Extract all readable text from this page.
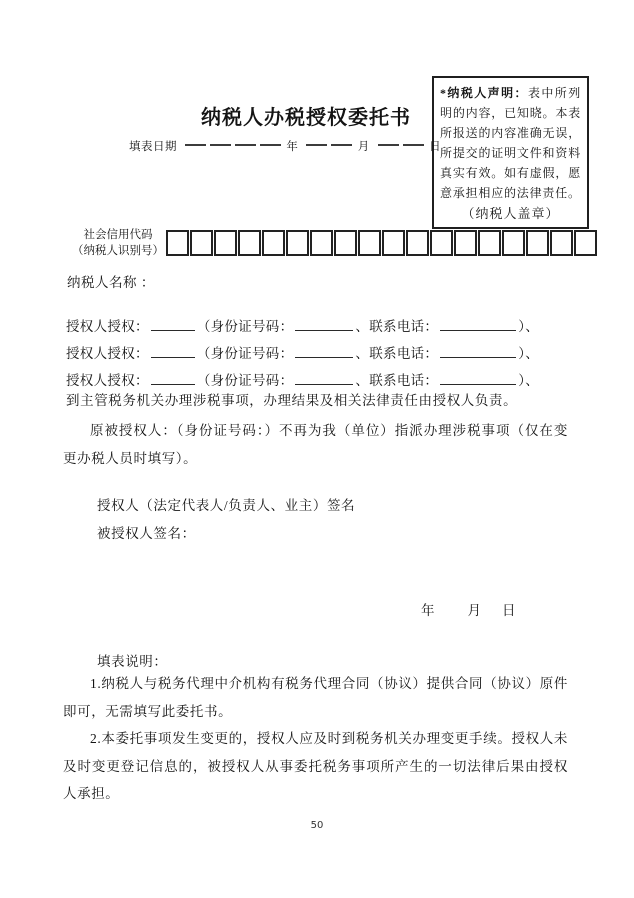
*纳税人声明：表中所列明的内容，已知晓。本表所报送的内容准确无误，所提交的证明文件和资料真实有效。如有虚假，愿意承担相应的法律责任。
（纳税人盖章）
纳税人办税授权委托书
填表日期	年	月	日
社会信用代码
（纳税人识别号）
纳税人名称 ：
授权人授权：	（身份证号码：	、联系电话：	）、
授权人授权：	（身份证号码：	、联系电话：	）、
授权人授权：	（身份证号码：	、联系电话：	）、
到主管税务机关办理涉税事项，办理结果及相关法律责任由授权人负责。
原被授权人：（身份证号码：）不再为我（单位）指派办理涉税事项（仅在变更办税人员时填写）。
授权人（法定代表人/负责人、业主）签名
被授权人签名：
年 月 日
填表说明：
1.纳税人与税务代理中介机构有税务代理合同（协议）提供合同（协议）原件即可，无需填写此委托书。
2.本委托事项发生变更的，授权人应及时到税务机关办理变更手续。授权人未及时变更登记信息的，被授权人从事委托税务事项所产生的一切法律后果由授权人承担。
50
